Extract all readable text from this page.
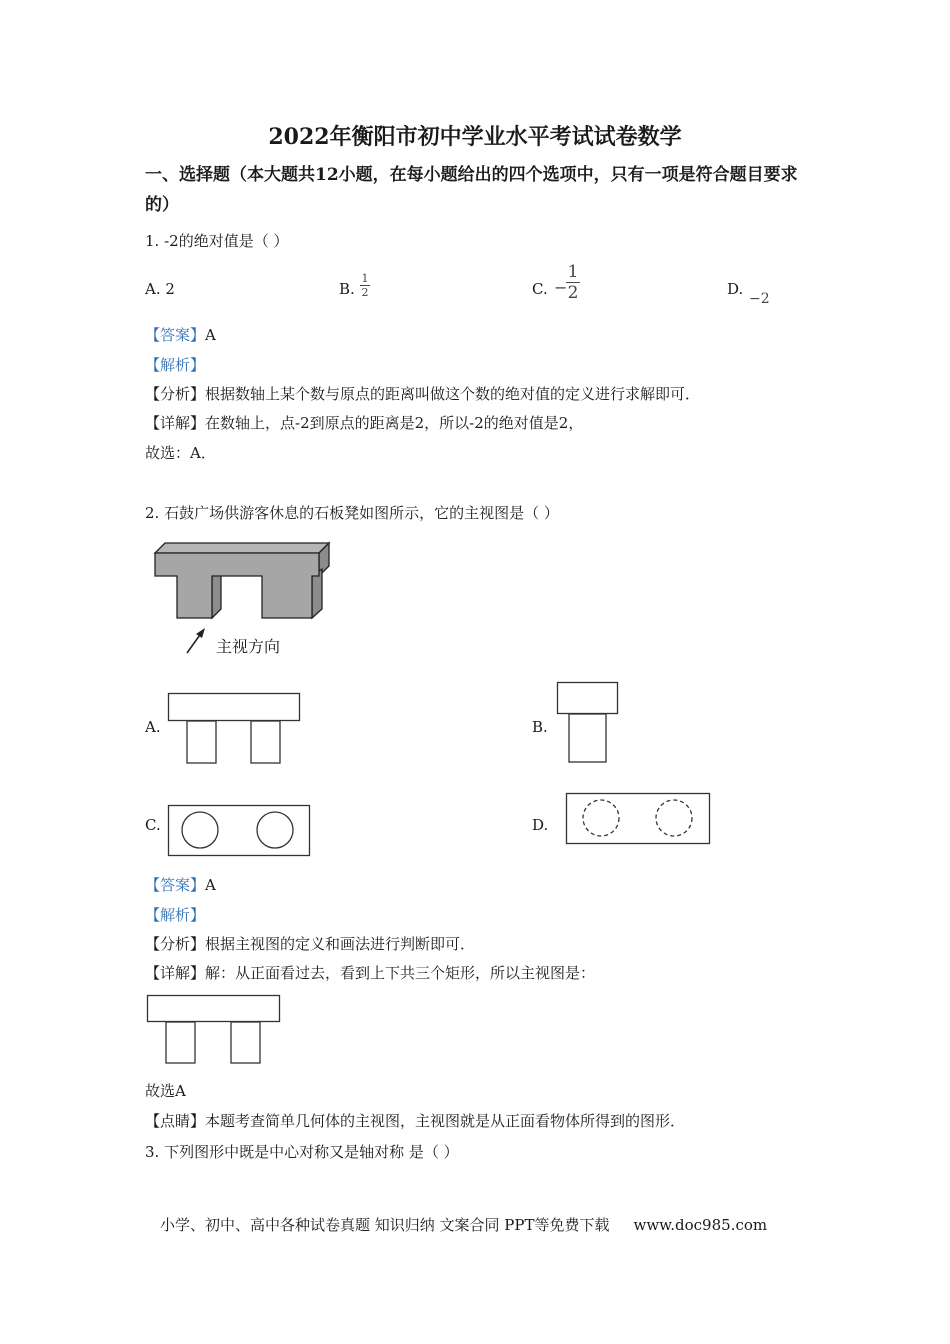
2022年衡阳市初中学业水平考试试卷数学
一、选择题（本大题共12小题，在每小题给出的四个选项中，只有一项是符合题目要求的）
1. -2的绝对值是（ ）
A. 2	B. $\frac{1}{2}$	C. −
$\frac{1}{2}$	D.
−2
【答案】A
【解析】
【分析】根据数轴上某个数与原点的距离叫做这个数的绝对值的定义进行求解即可．
【详解】在数轴上，点-2到原点的距离是2，所以-2的绝对值是2，
故选：A．
2. 石鼓广场供游客休息的石板凳如图所示，它的主视图是（ ）
主视方向
A.	B.
C.	D.
【答案】A
【解析】
【分析】根据主视图的定义和画法进行判断即可．
【详解】解：从正面看过去，看到上下共三个矩形，所以主视图是：
故选A
【点睛】本题考查简单几何体的主视图，主视图就是从正面看物体所得到的图形．
3. 下列图形中既是中心对称又是轴对称 是（ ）
小学、初中、高中各种试卷真题 知识归纳 文案合同 PPT等免费下载 www.doc985.com
